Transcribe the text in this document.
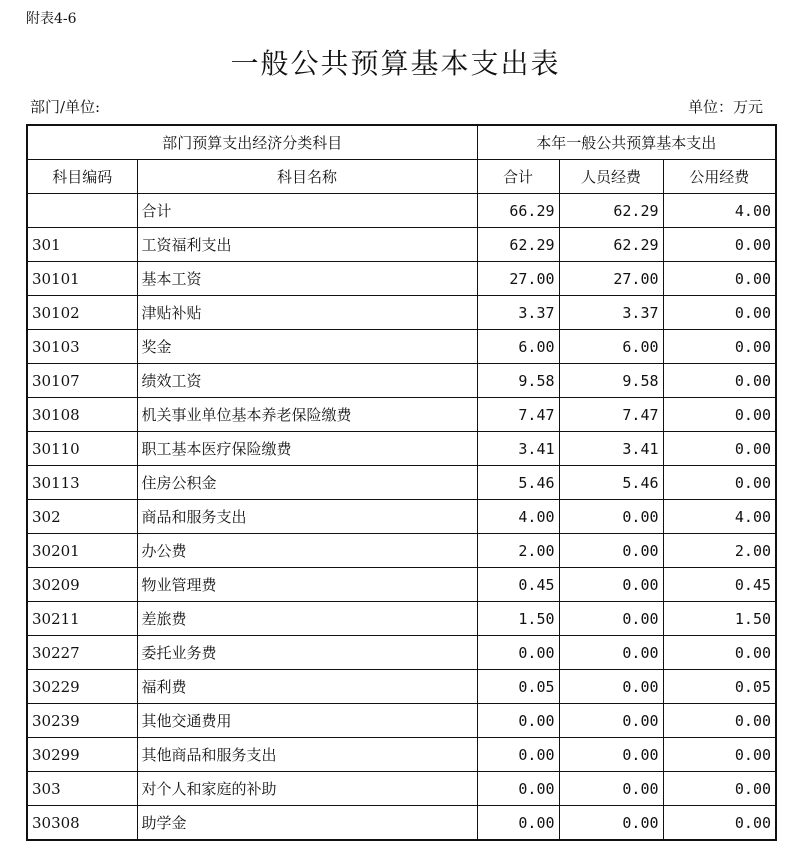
附表4-6
一般公共预算基本支出表
部门/单位:	单位：万元
部门预算支出经济分类科目		本年一般公共预算基本支出		
科目编码	科目名称	合计	人员经费	公用经费
	合计	66.29	62.29	4.00
301	工资福利支出	62.29	62.29	0.00
30101	基本工资	27.00	27.00	0.00
30102	津贴补贴	3.37	3.37	0.00
30103	奖金	6.00	6.00	0.00
30107	绩效工资	9.58	9.58	0.00
30108	机关事业单位基本养老保险缴费	7.47	7.47	0.00
30110	职工基本医疗保险缴费	3.41	3.41	0.00
30113	住房公积金	5.46	5.46	0.00
302	商品和服务支出	4.00	0.00	4.00
30201	办公费	2.00	0.00	2.00
30209	物业管理费	0.45	0.00	0.45
30211	差旅费	1.50	0.00	1.50
30227	委托业务费	0.00	0.00	0.00
30229	福利费	0.05	0.00	0.05
30239	其他交通费用	0.00	0.00	0.00
30299	其他商品和服务支出	0.00	0.00	0.00
303	对个人和家庭的补助	0.00	0.00	0.00
30308	助学金	0.00	0.00	0.00
